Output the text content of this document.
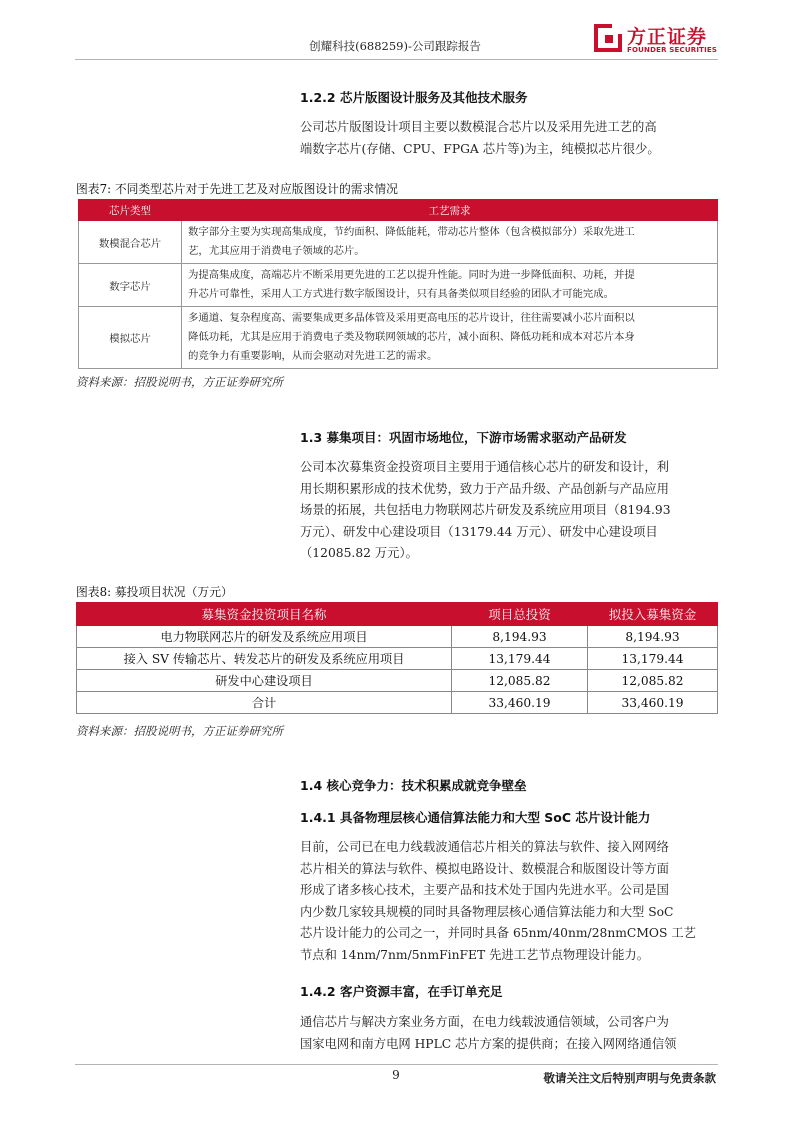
创耀科技(688259)-公司跟踪报告	方正证券
FOUNDER SECURITIES
1.2.2 芯片版图设计服务及其他技术服务
公司芯片版图设计项目主要以数模混合芯片以及采用先进工艺的高
端数字芯片(存储、CPU、FPGA 芯片等)为主，纯模拟芯片很少。
图表7: 不同类型芯片对于先进工艺及对应版图设计的需求情况
芯片类型	工艺需求
数模混合芯片	数字部分主要为实现高集成度，节约面积、降低能耗，带动芯片整体（包含模拟部分）采取先进工
艺，尤其应用于消费电子领域的芯片。

数字芯片	为提高集成度，高端芯片不断采用更先进的工艺以提升性能。同时为进一步降低面积、功耗，并提
升芯片可靠性，采用人工方式进行数字版图设计，只有具备类似项目经验的团队才可能完成。

模拟芯片	多通道、复杂程度高、需要集成更多晶体管及采用更高电压的芯片设计，往往需要减小芯片面积以
降低功耗，尤其是应用于消费电子类及物联网领域的芯片，减小面积、降低功耗和成本对芯片本身
的竞争力有重要影响，从而会驱动对先进工艺的需求。
资料来源：招股说明书，方正证券研究所
1.3 募集项目：巩固市场地位，下游市场需求驱动产品研发
公司本次募集资金投资项目主要用于通信核心芯片的研发和设计，利
用长期积累形成的技术优势，致力于产品升级、产品创新与产品应用
场景的拓展，共包括电力物联网芯片研发及系统应用项目（8194.93
万元）、研发中心建设项目（13179.44 万元）、研发中心建设项目
（12085.82 万元）。
图表8: 募投项目状况（万元）
募集资金投资项目名称	项目总投资	拟投入募集资金
电力物联网芯片的研发及系统应用项目	8,194.93	8,194.93
接入 SV 传输芯片、转发芯片的研发及系统应用项目	13,179.44	13,179.44
研发中心建设项目	12,085.82	12,085.82
合计	33,460.19	33,460.19
资料来源：招股说明书，方正证券研究所
1.4 核心竞争力：技术积累成就竞争壁垒
1.4.1 具备物理层核心通信算法能力和大型 SoC 芯片设计能力
目前，公司已在电力线载波通信芯片相关的算法与软件、接入网网络
芯片相关的算法与软件、模拟电路设计、数模混合和版图设计等方面
形成了诸多核心技术，主要产品和技术处于国内先进水平。公司是国
内少数几家较具规模的同时具备物理层核心通信算法能力和大型 SoC
芯片设计能力的公司之一，并同时具备 65nm/40nm/28nmCMOS 工艺
节点和 14nm/7nm/5nmFinFET 先进工艺节点物理设计能力。
1.4.2 客户资源丰富，在手订单充足
通信芯片与解决方案业务方面，在电力线载波通信领域，公司客户为
国家电网和南方电网 HPLC 芯片方案的提供商；在接入网网络通信领
9	敬请关注文后特别声明与免责条款
